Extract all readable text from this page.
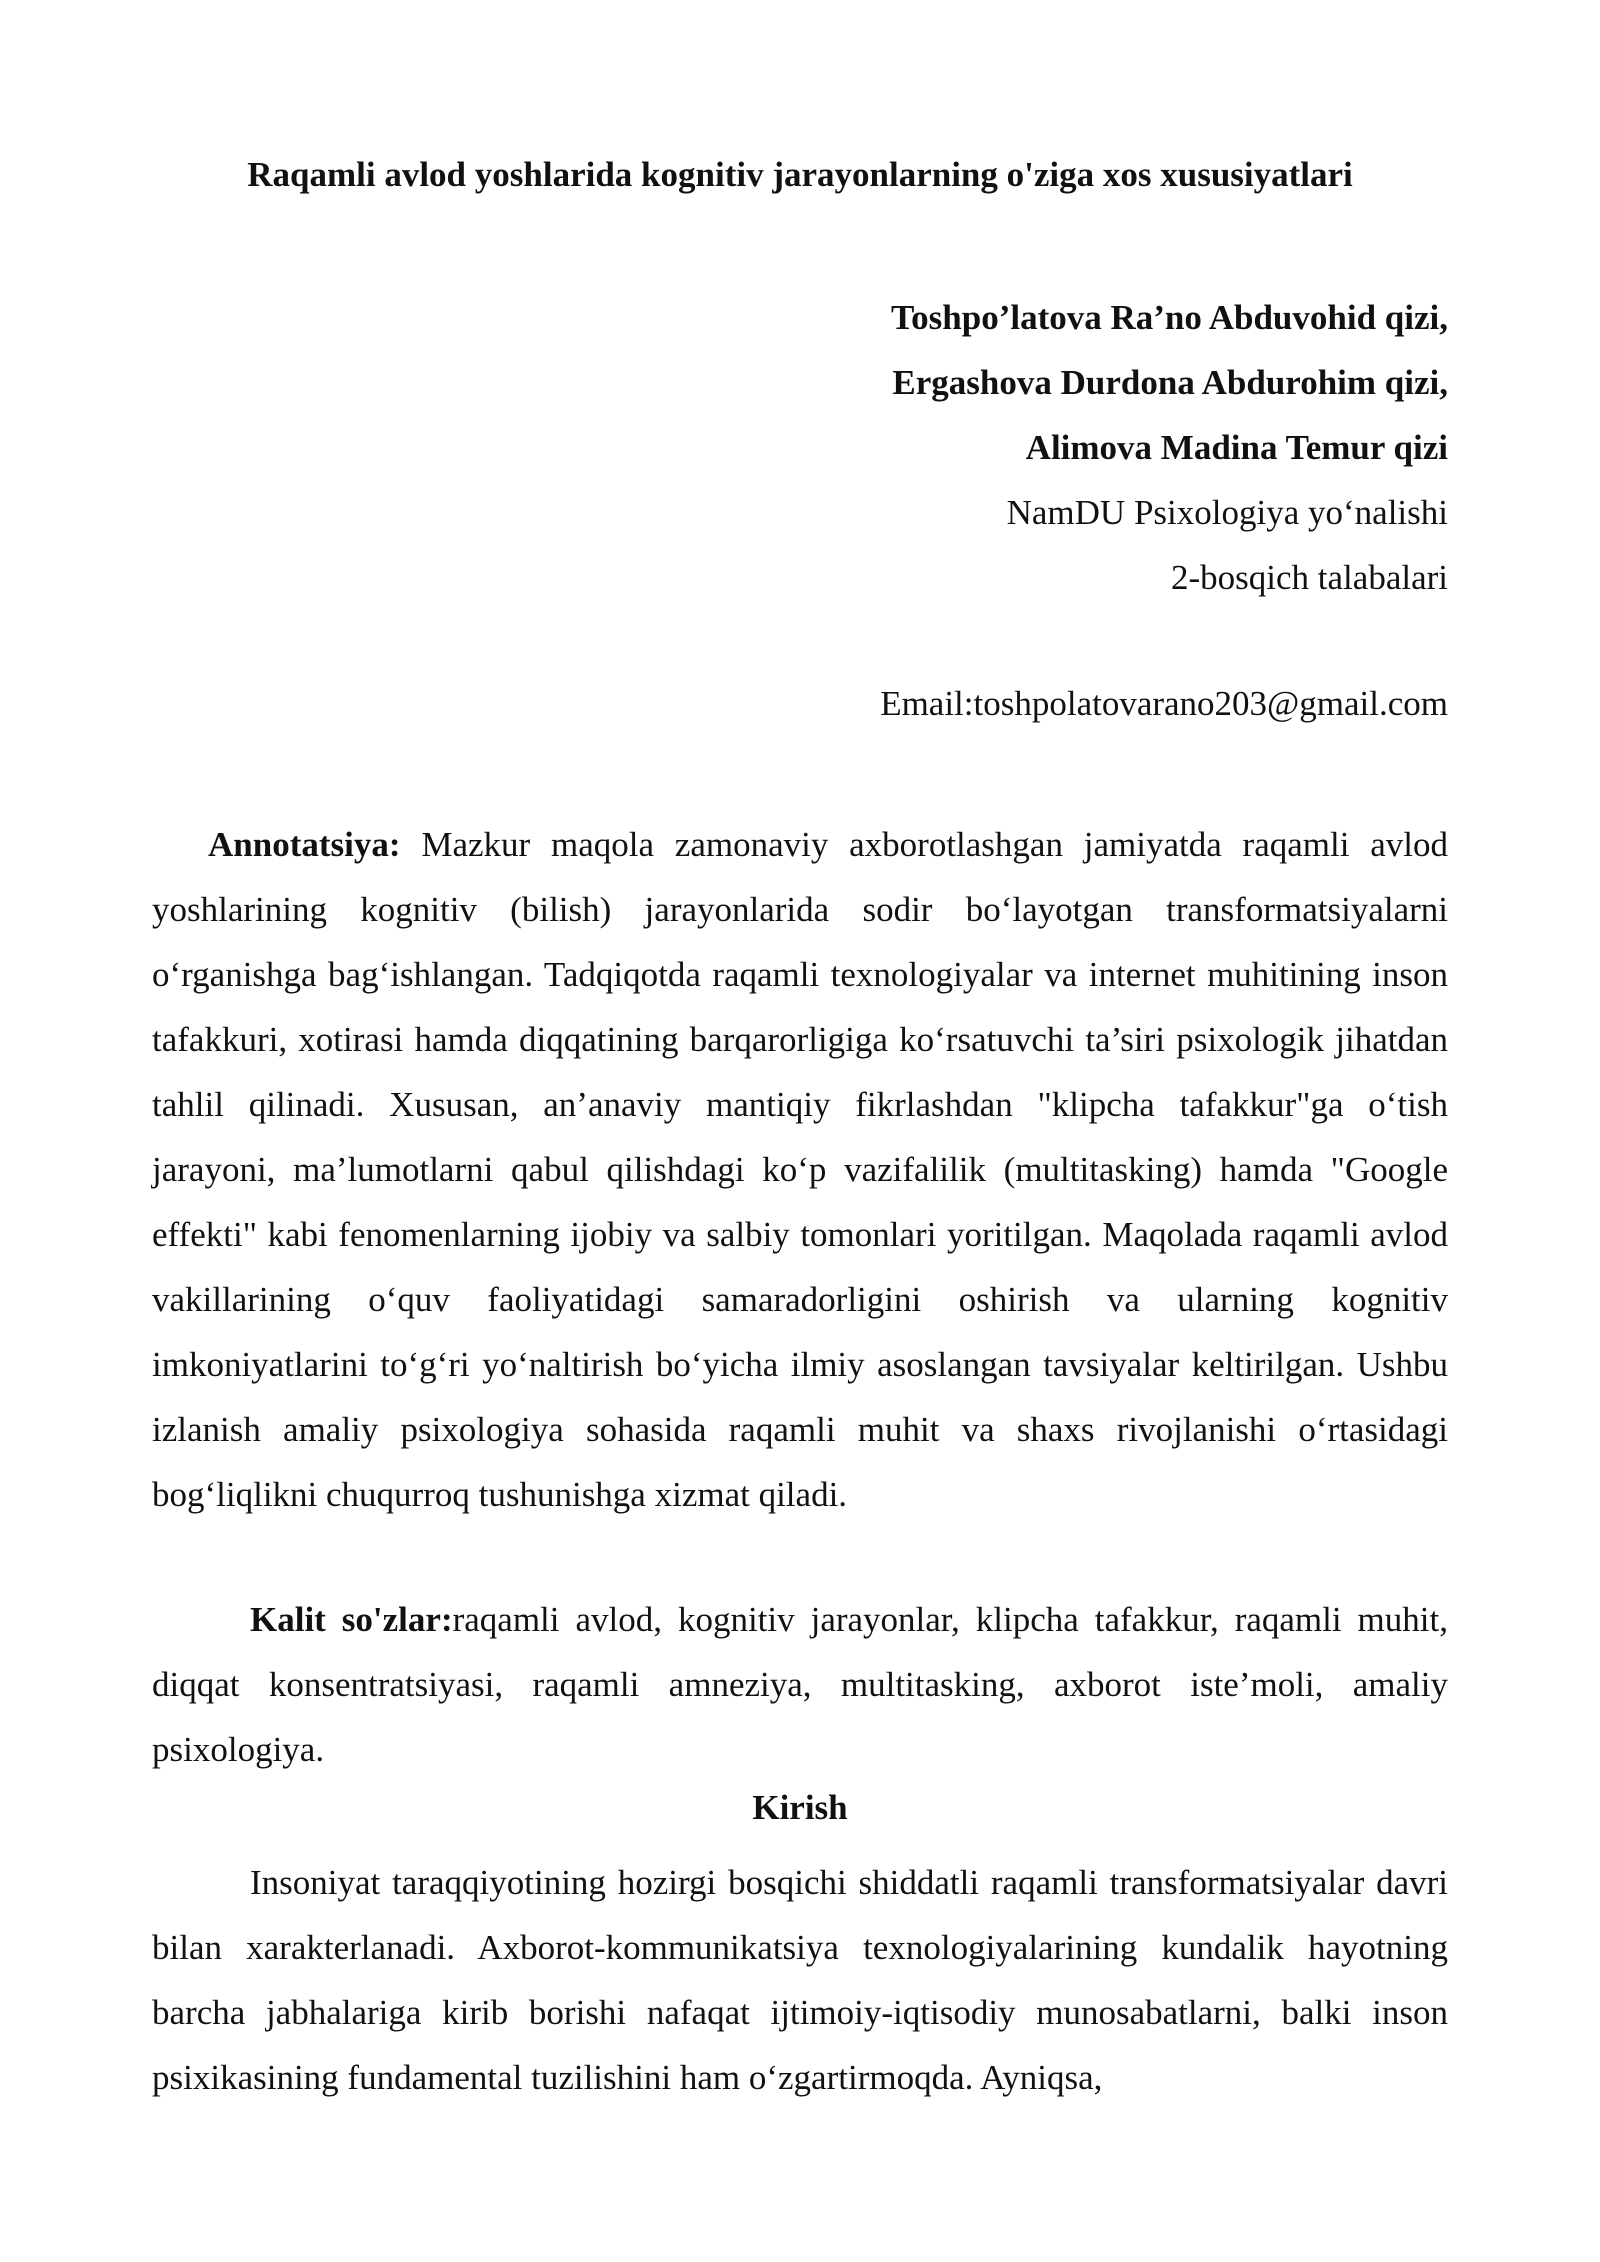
Raqamli avlod yoshlarida kognitiv jarayonlarning o'ziga xos xususiyatlari
Toshpo’latova Ra’no Abduvohid qizi,
Ergashova Durdona Abdurohim qizi,
Alimova Madina Temur qizi
NamDU Psixologiya yo‘nalishi
2-bosqich talabalari
Email:toshpolatovarano203@gmail.com

Annotatsiya: Mazkur maqola zamonaviy axborotlashgan jamiyatda raqamli avlod yoshlarining kognitiv (bilish) jarayonlarida sodir bo‘layotgan transformatsiyalarni o‘rganishga bag‘ishlangan. Tadqiqotda raqamli texnologiyalar va internet muhitining inson tafakkuri, xotirasi hamda diqqatining barqarorligiga ko‘rsatuvchi ta’siri psixologik jihatdan tahlil qilinadi. Xususan, an’anaviy mantiqiy fikrlashdan "klipcha tafakkur"ga o‘tish jarayoni, ma’lumotlarni qabul qilishdagi ko‘p vazifalilik (multitasking) hamda "Google effekti" kabi fenomenlarning ijobiy va salbiy tomonlari yoritilgan. Maqolada raqamli avlod vakillarining o‘quv faoliyatidagi samaradorligini oshirish va ularning kognitiv imkoniyatlarini to‘g‘ri yo‘naltirish bo‘yicha ilmiy asoslangan tavsiyalar keltirilgan. Ushbu izlanish amaliy psixologiya sohasida raqamli muhit va shaxs rivojlanishi o‘rtasidagi bog‘liqlikni chuqurroq tushunishga xizmat qiladi.

Kalit so'zlar:raqamli avlod, kognitiv jarayonlar, klipcha tafakkur, raqamli muhit, diqqat konsentratsiyasi, raqamli amneziya, multitasking, axborot iste’moli, amaliy psixologiya.

Kirish

Insoniyat taraqqiyotining hozirgi bosqichi shiddatli raqamli transformatsiyalar davri bilan xarakterlanadi. Axborot-kommunikatsiya texnologiyalarining kundalik hayotning barcha jabhalariga kirib borishi nafaqat ijtimoiy-iqtisodiy munosabatlarni, balki inson psixikasining fundamental tuzilishini ham o‘zgartirmoqda. Ayniqsa,
